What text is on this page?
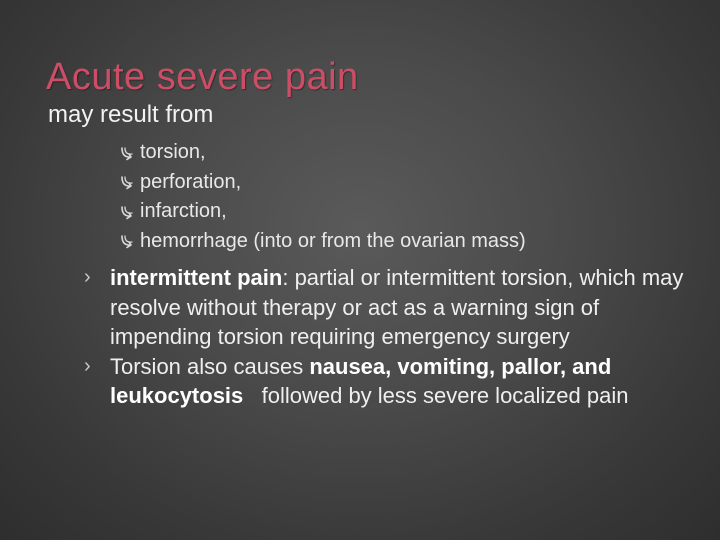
Acute severe pain
may result from
torsion,
perforation,
infarction,
hemorrhage (into or from the ovarian mass)
› intermittent pain: partial or intermittent torsion, which may resolve without therapy or act as a warning sign of impending torsion requiring emergency surgery
› Torsion also causes nausea, vomiting, pallor, and leukocytosis   followed by less severe localized pain
